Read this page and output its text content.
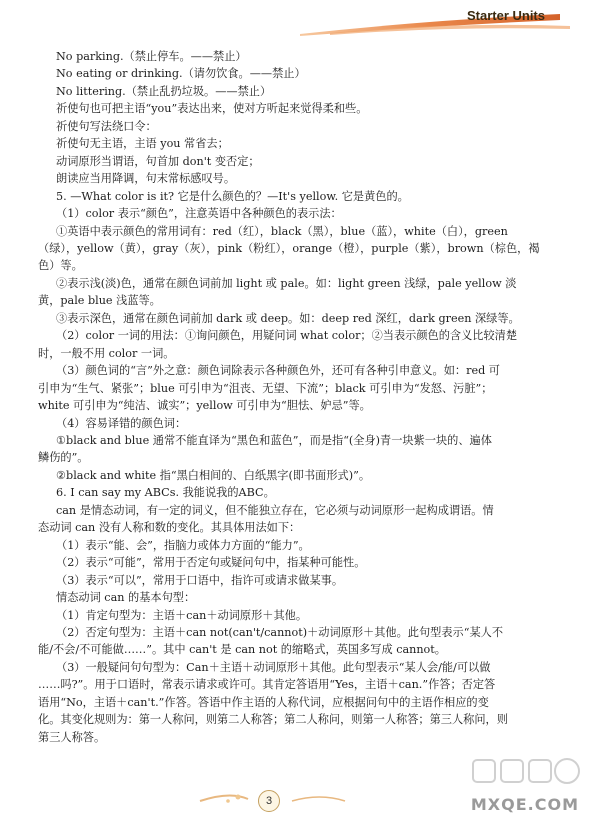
Starter Units
No parking.（禁止停车。——禁止）
No eating or drinking.（请勿饮食。——禁止）
No littering.（禁止乱扔垃圾。——禁止）
祈使句也可把主语“you”表达出来，使对方听起来觉得柔和些。
祈使句写法绕口令：
祈使句无主语，主语 you 常省去；
动词原形当谓语，句首加 don't 变否定；
朗读应当用降调，句末常标感叹号。
5. —What color is it? 它是什么颜色的？—It's yellow. 它是黄色的。
（1）color 表示“颜色”，注意英语中各种颜色的表示法：
①英语中表示颜色的常用词有：red（红），black（黑），blue（蓝），white（白），green
（绿），yellow（黄），gray（灰），pink（粉红），orange（橙），purple（紫），brown（棕色，褐
色）等。
②表示浅(淡)色，通常在颜色词前加 light 或 pale。如：light green 浅绿，pale yellow 淡
黄，pale blue 浅蓝等。
③表示深色，通常在颜色词前加 dark 或 deep。如：deep red 深红，dark green 深绿等。
（2）color 一词的用法：①询问颜色，用疑问词 what color；②当表示颜色的含义比较清楚
时，一般不用 color 一词。
（3）颜色词的“言”外之意：颜色词除表示各种颜色外，还可有各种引申意义。如：red 可
引申为“生气、紧张”；blue 可引申为“沮丧、无望、下流”；black 可引申为“发怒、污脏”；
white 可引申为“纯洁、诚实”；yellow 可引申为“胆怯、妒忌”等。
（4）容易译错的颜色词：
①black and blue 通常不能直译为“黑色和蓝色”，而是指“(全身)青一块紫一块的、遍体
鳞伤的”。
②black and white 指“黑白相间的、白纸黑字(即书面形式)”。
6. I can say my ABCs. 我能说我的ABC。
can 是情态动词，有一定的词义，但不能独立存在，它必须与动词原形一起构成谓语。情
态动词 can 没有人称和数的变化。其具体用法如下：
（1）表示“能、会”，指脑力或体力方面的“能力”。
（2）表示“可能”，常用于否定句或疑问句中，指某种可能性。
（3）表示“可以”，常用于口语中，指许可或请求做某事。
情态动词 can 的基本句型：
（1）肯定句型为：主语＋can＋动词原形＋其他。
（2）否定句型为：主语＋can not(can't/cannot)＋动词原形＋其他。此句型表示“某人不
能/不会/不可能做……”。其中 can't 是 can not 的缩略式，英国多写成 cannot。
（3）一般疑问句句型为：Can＋主语＋动词原形＋其他。此句型表示“某人会/能/可以做
……吗?”。用于口语时，常表示请求或许可。其肯定答语用“Yes，主语＋can.”作答；否定答
语用“No，主语＋can't.”作答。答语中作主语的人称代词，应根据问句中的主语作相应的变
化。其变化规则为：第一人称问，则第二人称答；第二人称问，则第一人称答；第三人称问，则
第三人称答。
3	MXQE.COM
